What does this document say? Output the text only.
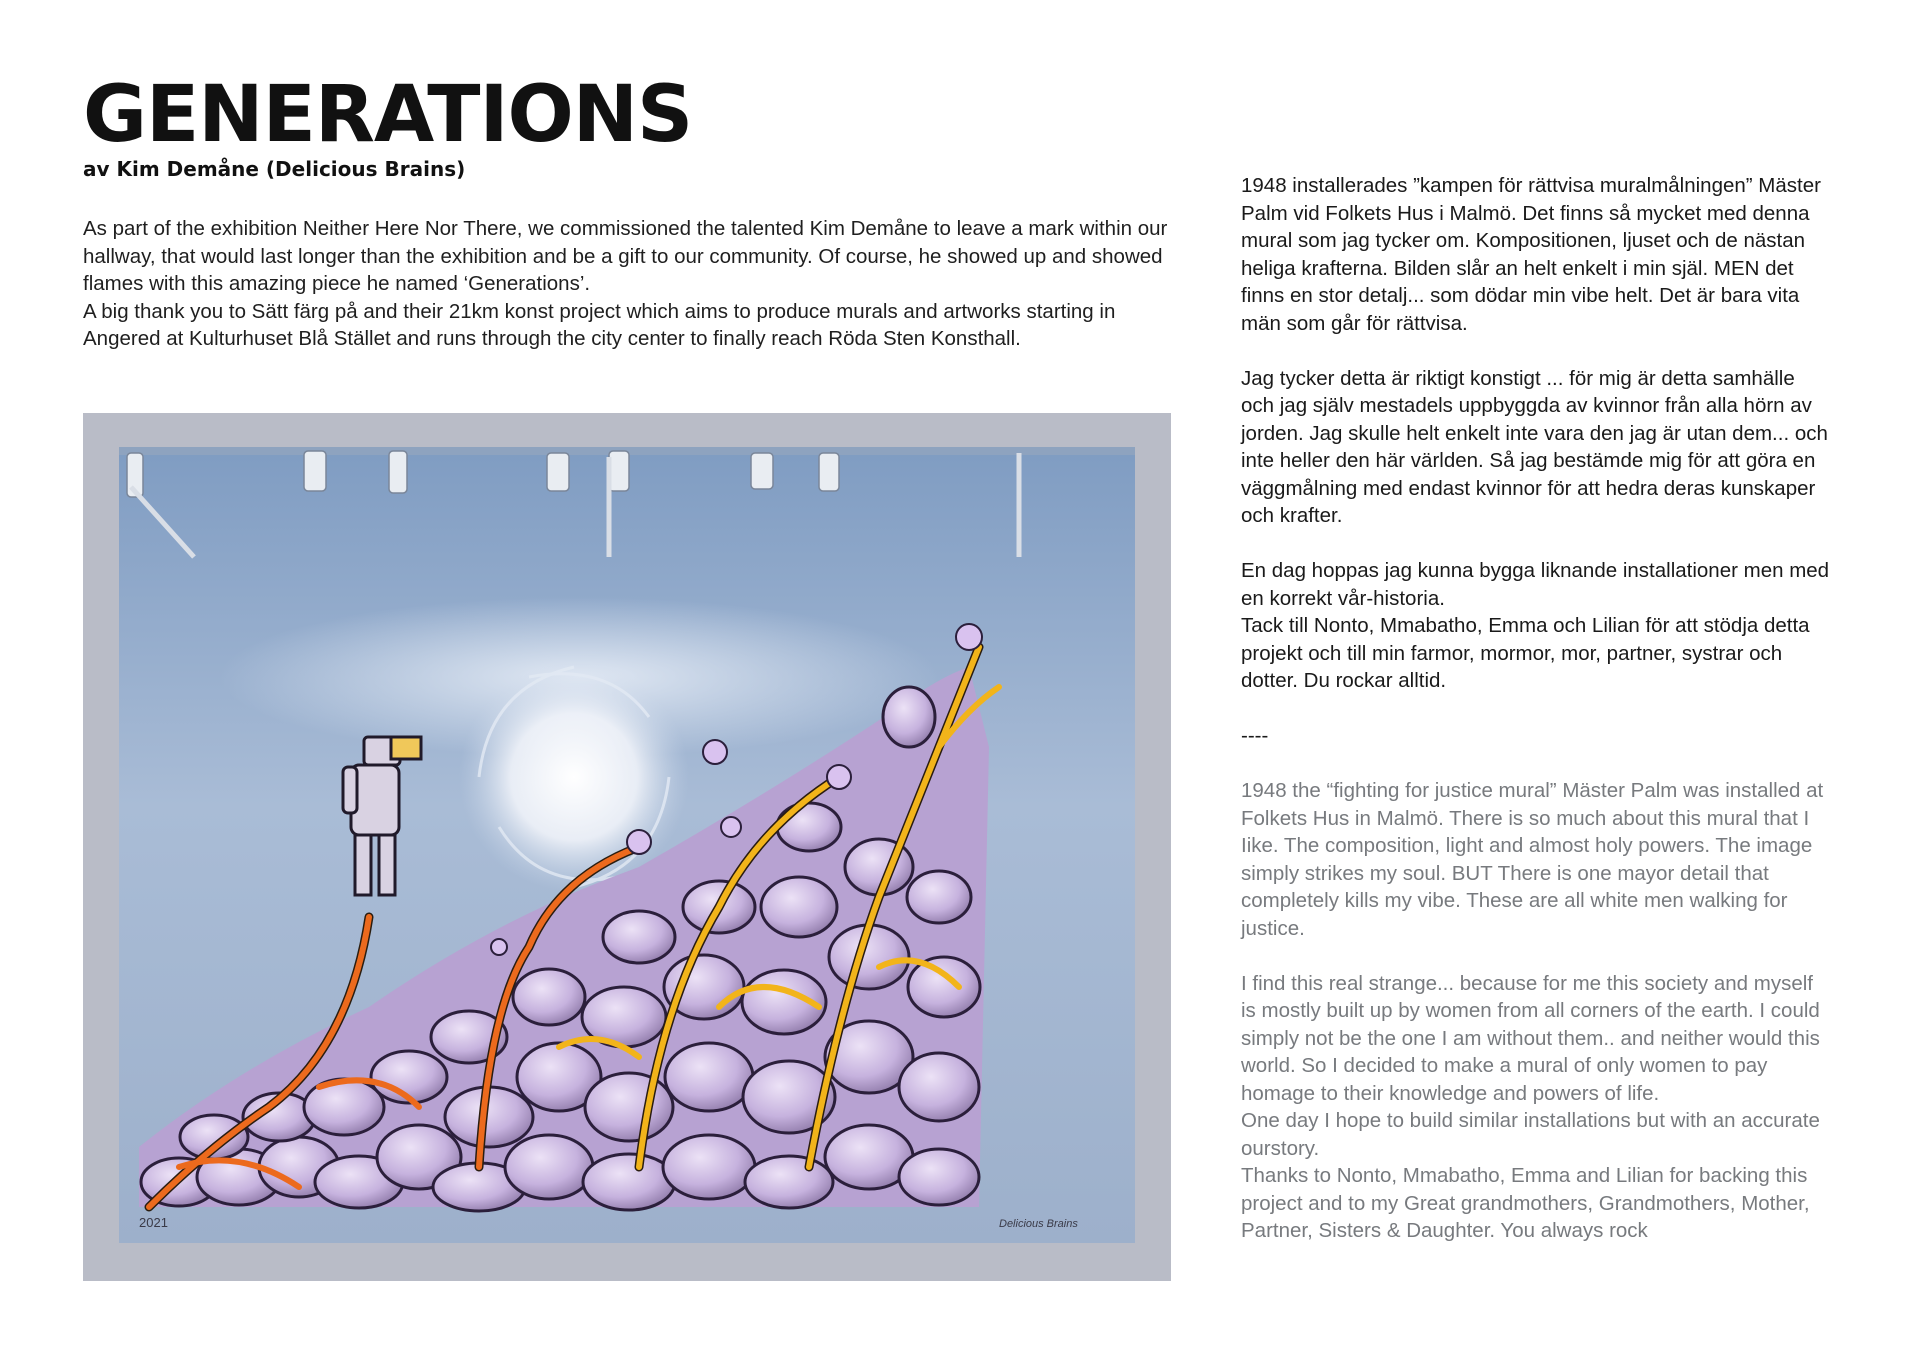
GENERATIONS
av Kim Demåne (Delicious Brains)

As part of the exhibition Neither Here Nor There, we commissioned the talented Kim Demåne to leave a mark within our hallway, that would last longer than the exhibition and be a gift to our community. Of course, he showed up and showed flames with this amazing piece he named ‘Generations’.

A big thank you to Sätt färg på and their 21km konst project which aims to produce murals and artworks starting in Angered at Kulturhuset Blå Stället and runs through the city center to finally reach Röda Sten Konsthall.

2021	Delicious Brains

1948 installerades ”kampen för rättvisa muralmålningen” Mäster Palm vid Folkets Hus i Malmö. Det finns så mycket med denna mural som jag tycker om. Kompositionen, ljuset och de nästan heliga krafterna. Bilden slår an helt enkelt i min själ. MEN det finns en stor detalj... som dödar min vibe helt. Det är bara vita män som går för rättvisa.

Jag tycker detta är riktigt konstigt ... för mig är detta samhälle och jag själv mestadels uppbyggda av kvinnor från alla hörn av jorden. Jag skulle helt enkelt inte vara den jag är utan dem... och inte heller den här världen. Så jag bestämde mig för att göra en väggmålning med endast kvinnor för att hedra deras kunskaper och krafter.

En dag hoppas jag kunna bygga liknande installationer men med en korrekt vår-historia.

Tack till Nonto, Mmabatho, Emma och Lilian för att stödja detta projekt och till min farmor, mormor, mor, partner, systrar och dotter. Du rockar alltid.

----

1948 the “fighting for justice mural” Mäster Palm was installed at Folkets Hus in Malmö. There is so much about this mural that I Iike. The composition, light and almost holy powers. The image simply strikes my soul. BUT There is one mayor detail that completely kills my vibe. These are all white men walking for justice.

I find this real strange... because for me this society and myself is mostly built up by women from all corners of the earth. I could simply not be the one I am without them.. and neither would this world. So I decided to make a mural of only women to pay homage to their knowledge and powers of life.

One day I hope to build similar installations but with an accurate ourstory.

Thanks to Nonto, Mmabatho, Emma and Lilian for backing this project and to my Great grandmothers, Grandmothers, Mother, Partner, Sisters & Daughter. You always rock
